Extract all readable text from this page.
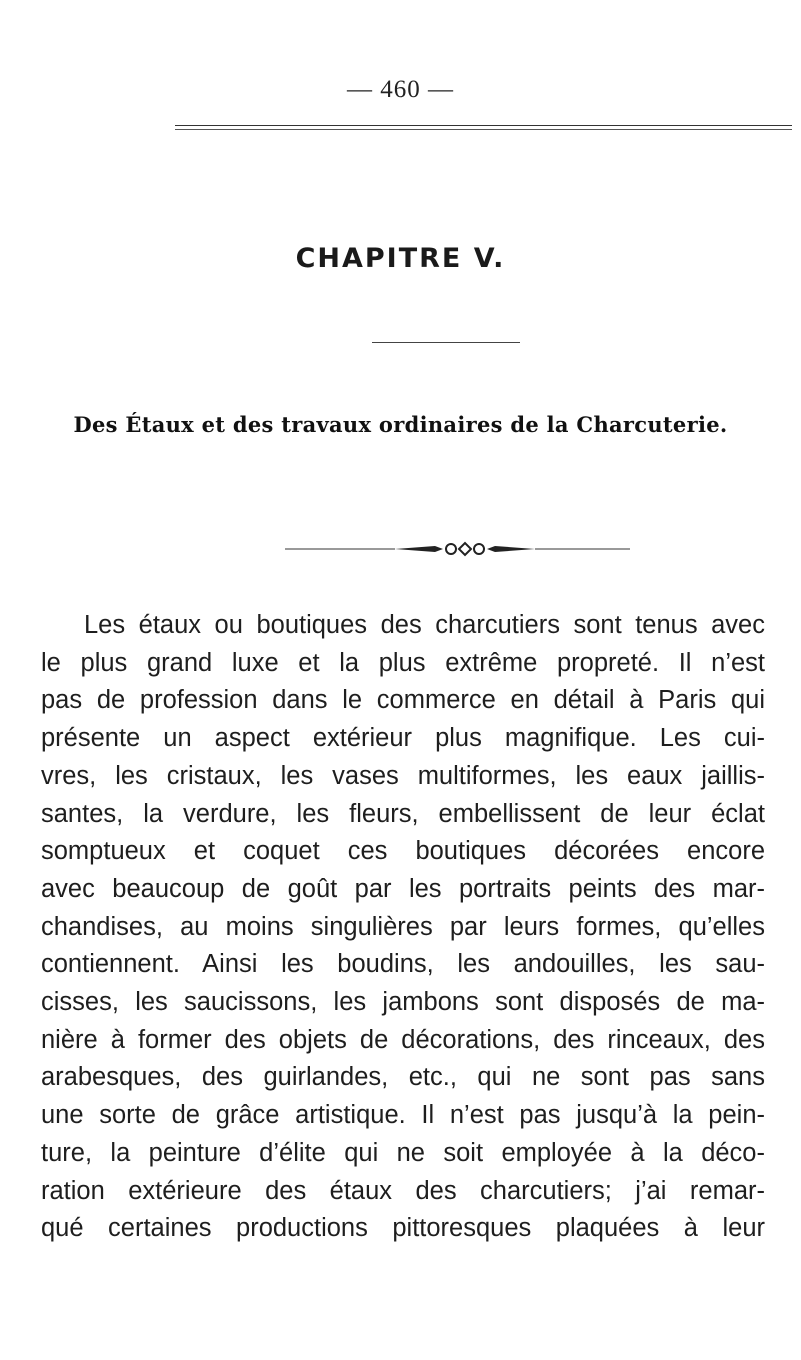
— 460 —
CHAPITRE V.
Des Étaux et des travaux ordinaires de la Charcuterie.
Les étaux ou boutiques des charcutiers sont tenus avec
le plus grand luxe et la plus extrême propreté. Il n’est
pas de profession dans le commerce en détail à Paris qui
présente un aspect extérieur plus magnifique. Les cui-
vres, les cristaux, les vases multiformes, les eaux jaillis-
santes, la verdure, les fleurs, embellissent de leur éclat
somptueux et coquet ces boutiques décorées encore
avec beaucoup de goût par les portraits peints des mar-
chandises, au moins singulières par leurs formes, qu’elles
contiennent. Ainsi les boudins, les andouilles, les sau-
cisses, les saucissons, les jambons sont disposés de ma-
nière à former des objets de décorations, des rinceaux, des
arabesques, des guirlandes, etc., qui ne sont pas sans
une sorte de grâce artistique. Il n’est pas jusqu’à la pein-
ture, la peinture d’élite qui ne soit employée à la déco-
ration extérieure des étaux des charcutiers; j’ai remar-
qué certaines productions pittoresques plaquées à leur
